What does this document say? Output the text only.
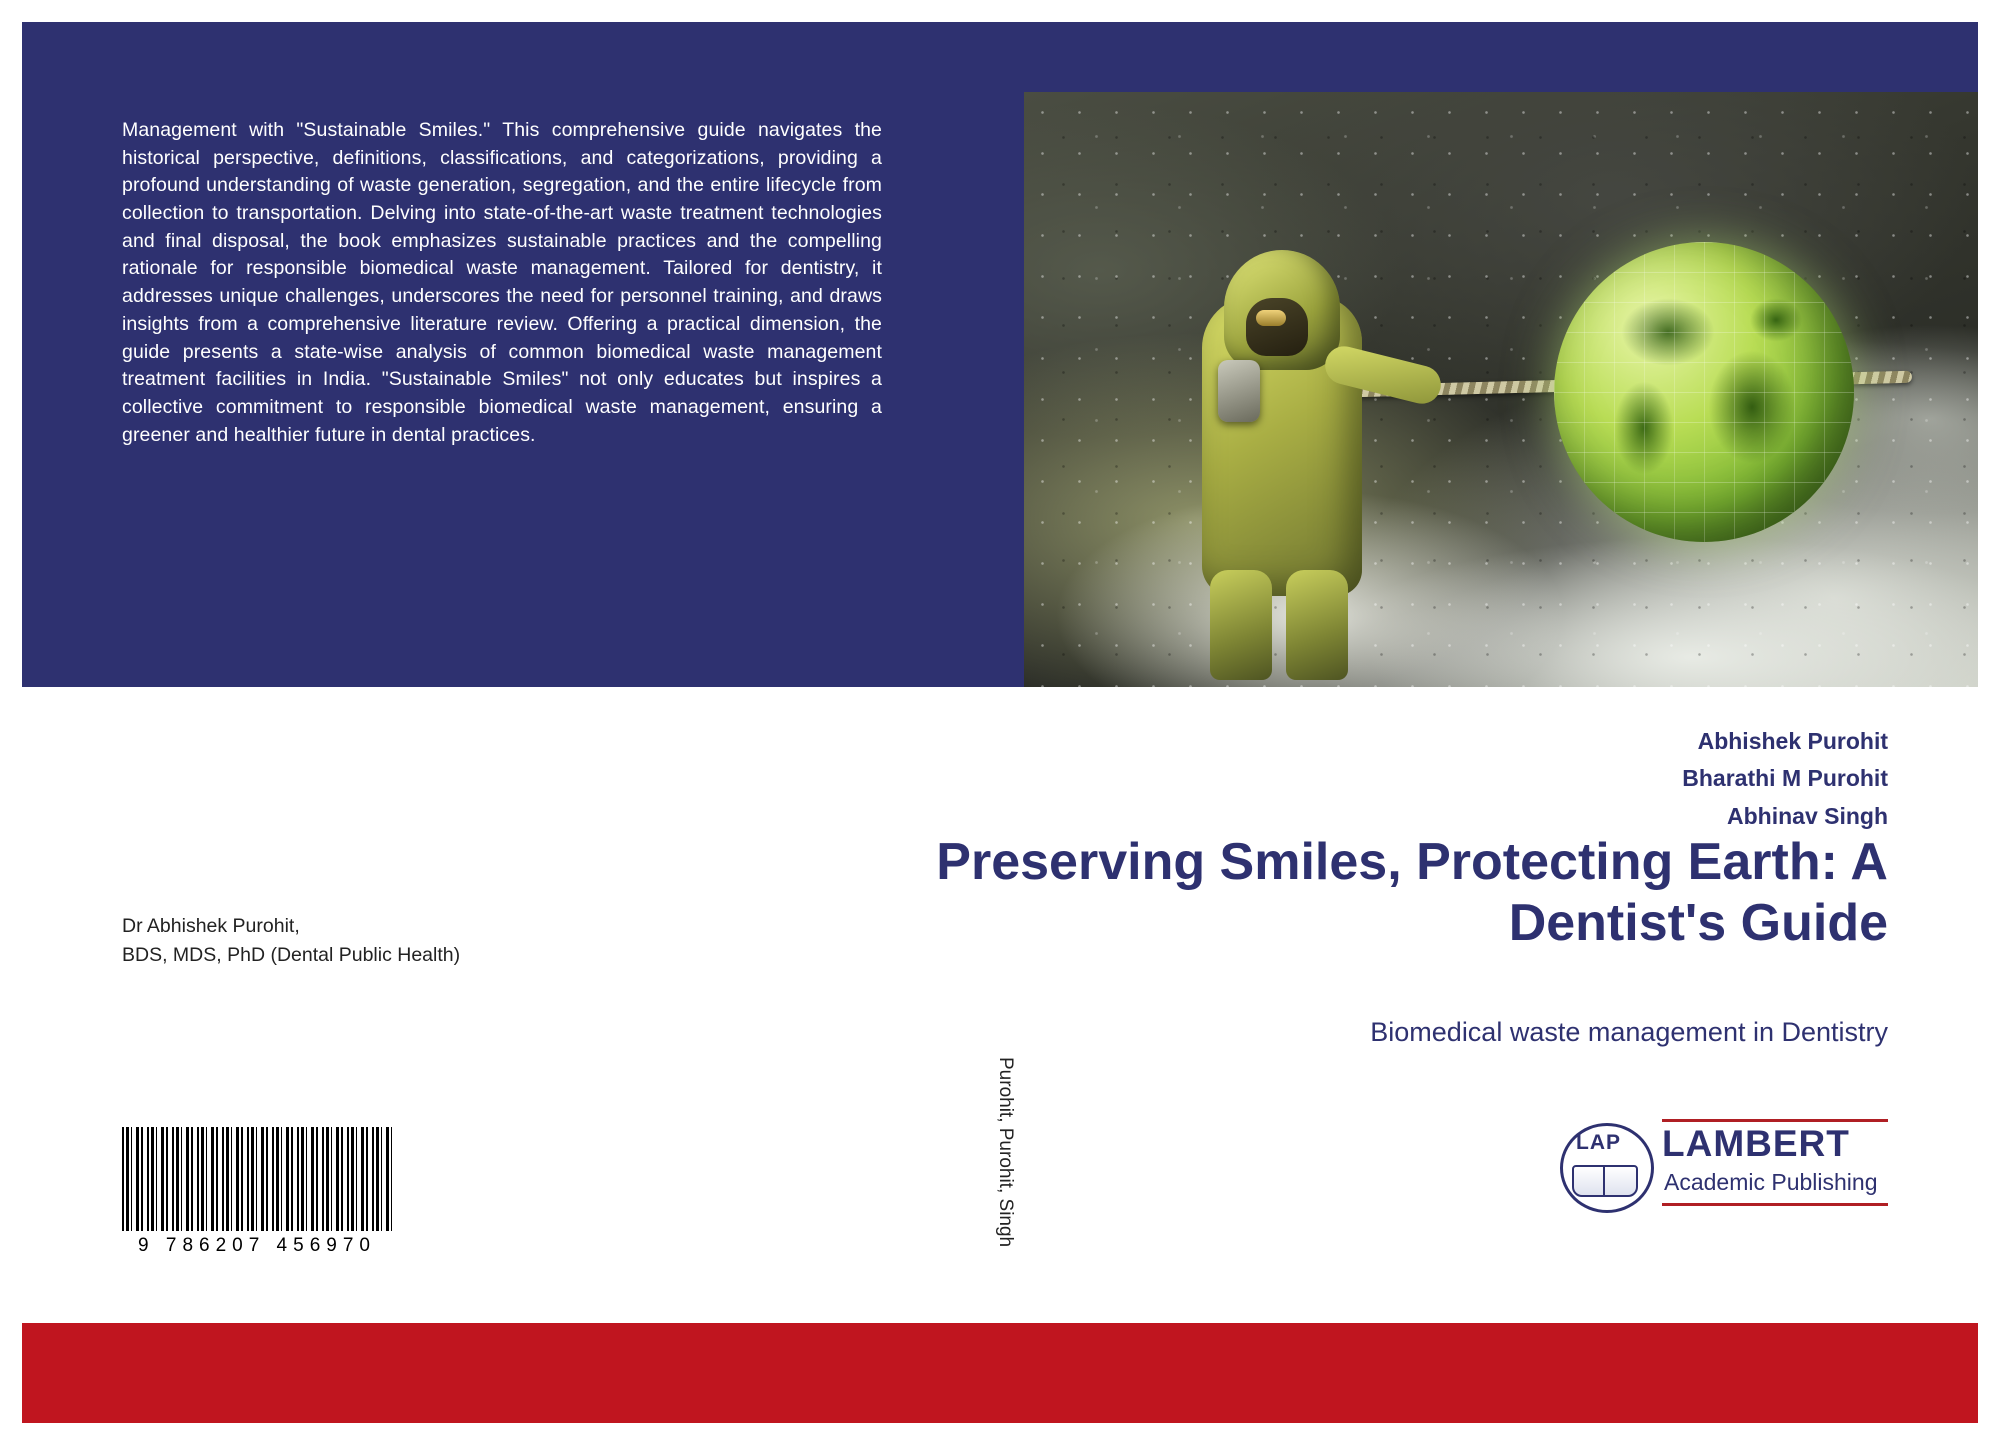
Management with "Sustainable Smiles." This comprehensive guide navigates the historical perspective, definitions, classifications, and categorizations, providing a profound understanding of waste generation, segregation, and the entire lifecycle from collection to transportation. Delving into state-of-the-art waste treatment technologies and final disposal, the book emphasizes sustainable practices and the compelling rationale for responsible biomedical waste management. Tailored for dentistry, it addresses unique challenges, underscores the need for personnel training, and draws insights from a comprehensive literature review. Offering a practical dimension, the guide presents a state-wise analysis of common biomedical waste management treatment facilities in India. "Sustainable Smiles" not only educates but inspires a collective commitment to responsible biomedical waste management, ensuring a greener and healthier future in dental practices.
Abhishek Purohit
Bharathi M Purohit
Abhinav Singh
Preserving Smiles, Protecting Earth: A Dentist's Guide
Biomedical waste management in Dentistry
Dr Abhishek Purohit,
BDS, MDS, PhD (Dental Public Health)
9 786207 456970	Purohit, Purohit, Singh	LAP LAMBERT
Academic Publishing
